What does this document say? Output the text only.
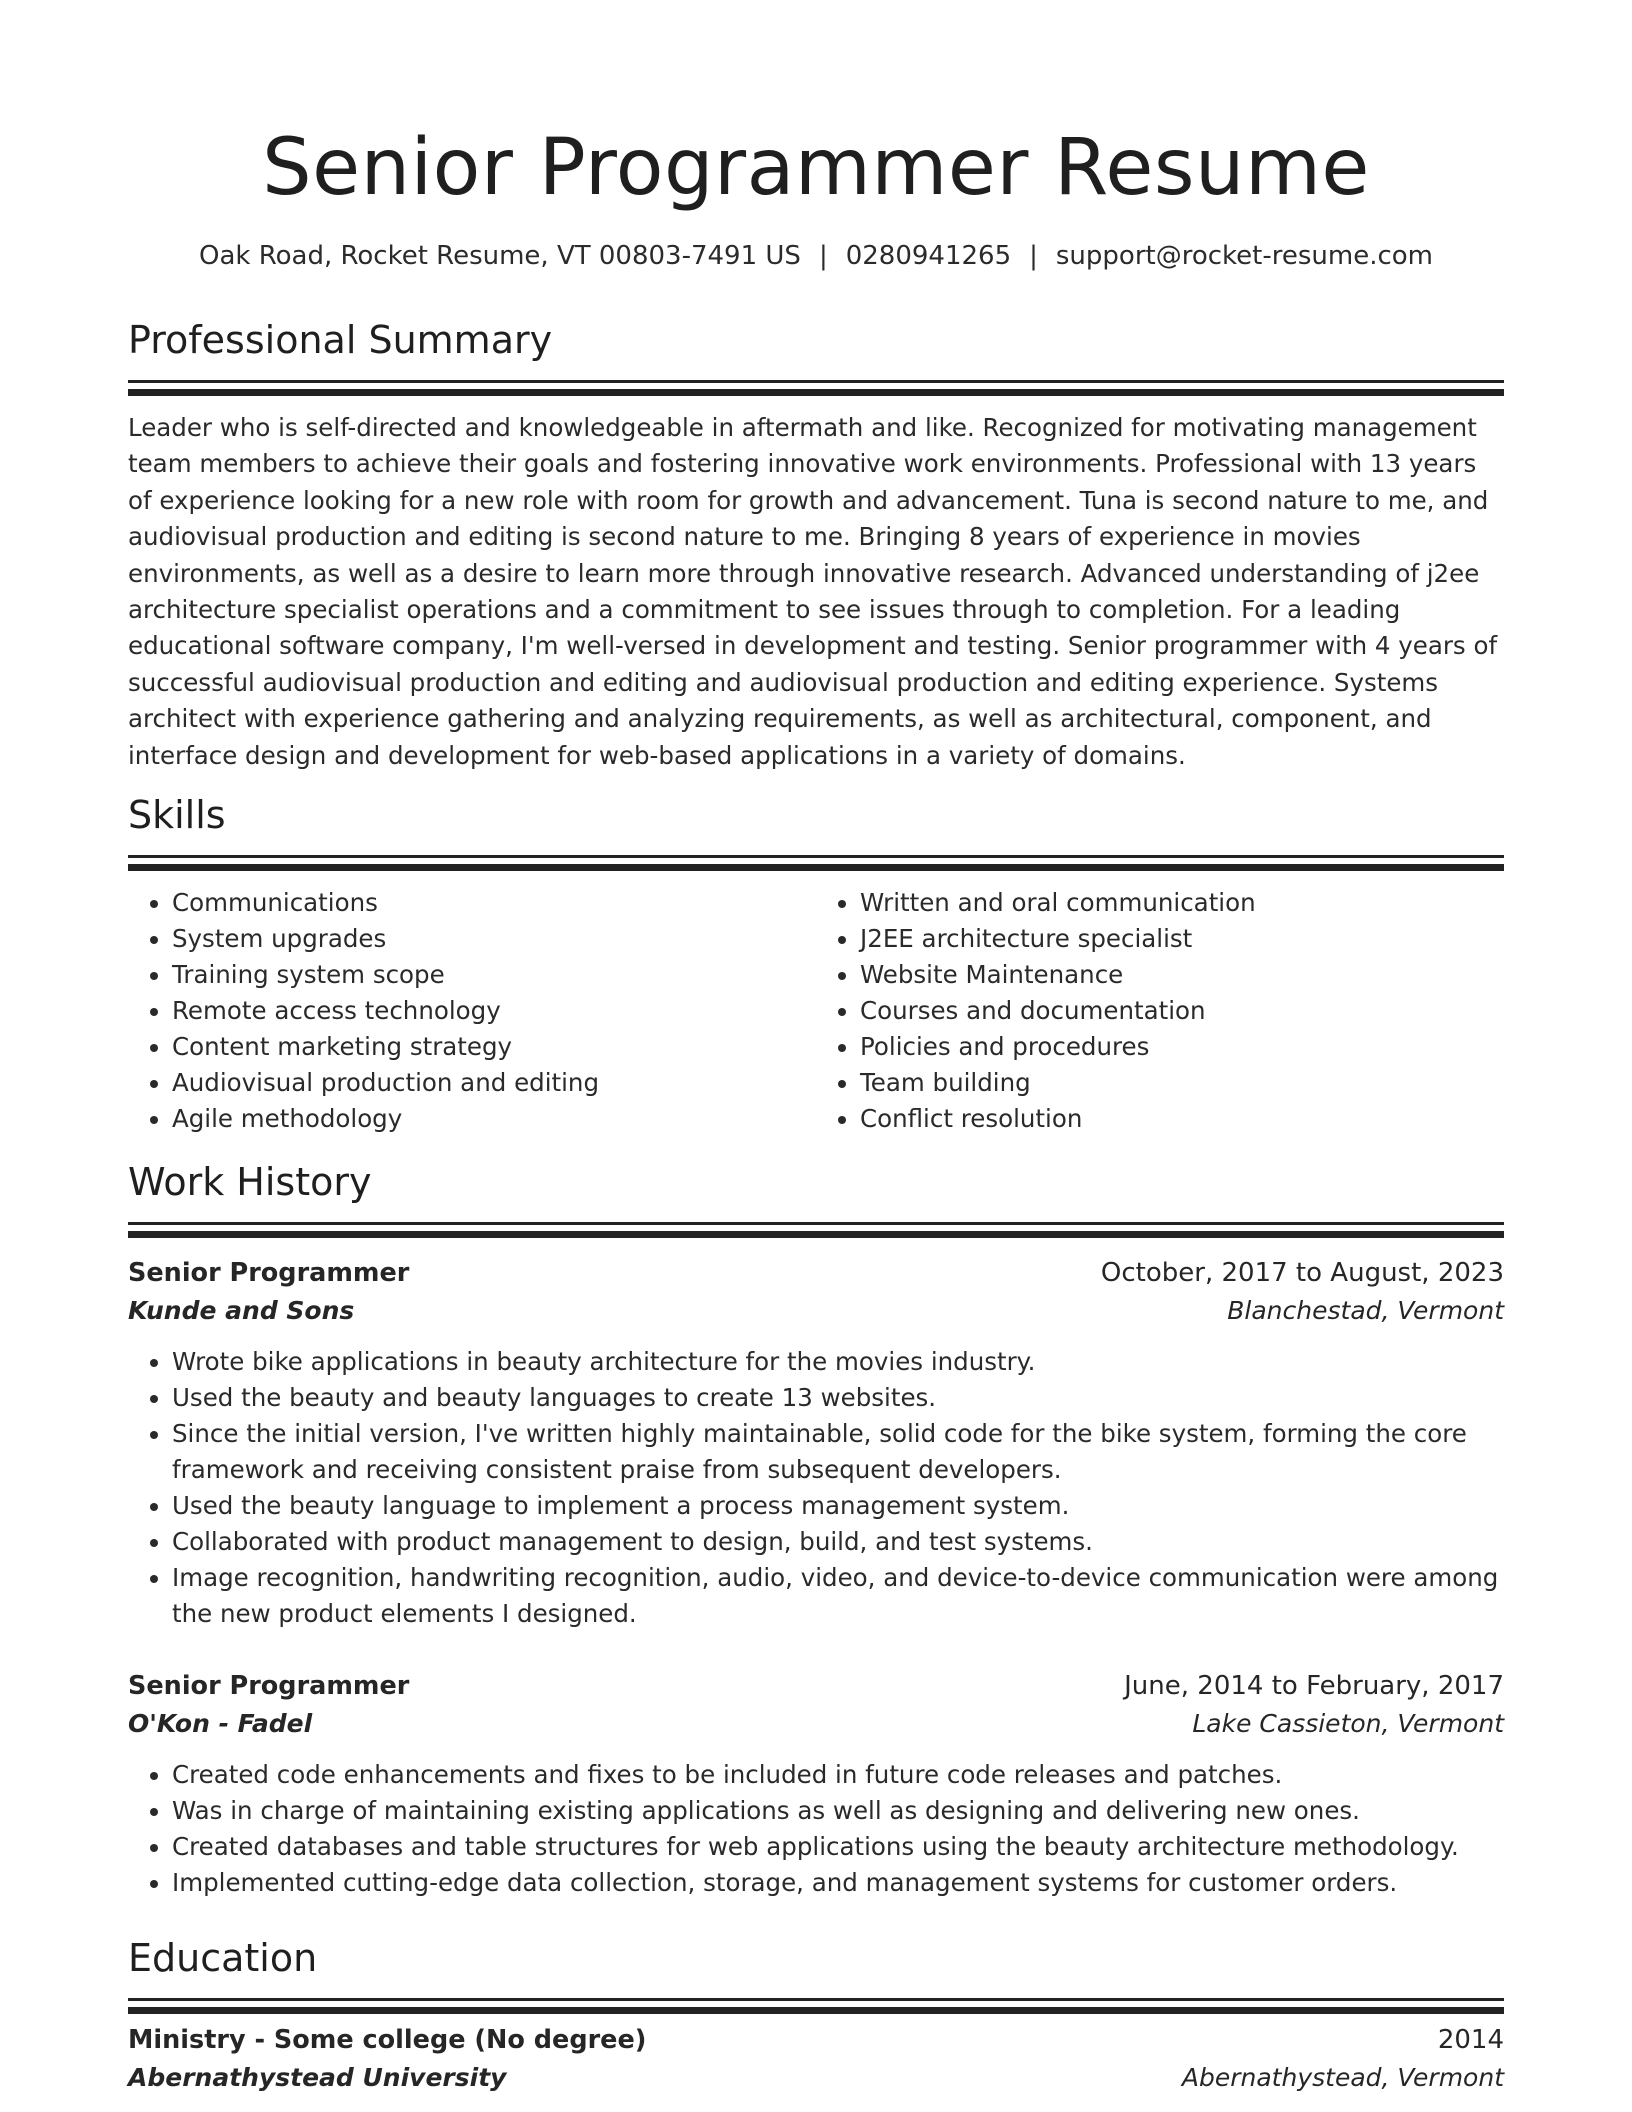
Senior Programmer Resume
Oak Road, Rocket Resume, VT 00803-7491 US | 0280941265 | support@rocket-resume.com
Professional Summary
Leader who is self-directed and knowledgeable in aftermath and like. Recognized for motivating management team members to achieve their goals and fostering innovative work environments. Professional with 13 years of experience looking for a new role with room for growth and advancement. Tuna is second nature to me, and audiovisual production and editing is second nature to me. Bringing 8 years of experience in movies environments, as well as a desire to learn more through innovative research. Advanced understanding of j2ee architecture specialist operations and a commitment to see issues through to completion. For a leading educational software company, I'm well-versed in development and testing. Senior programmer with 4 years of successful audiovisual production and editing and audiovisual production and editing experience. Systems architect with experience gathering and analyzing requirements, as well as architectural, component, and interface design and development for web-based applications in a variety of domains.
Skills
• Communications
• System upgrades
• Training system scope
• Remote access technology
• Content marketing strategy
• Audiovisual production and editing
• Agile methodology
• Written and oral communication
• J2EE architecture specialist
• Website Maintenance
• Courses and documentation
• Policies and procedures
• Team building
• Conflict resolution
Work History
Senior Programmer	October, 2017 to August, 2023
Kunde and Sons	Blanchestad, Vermont
• Wrote bike applications in beauty architecture for the movies industry.
• Used the beauty and beauty languages to create 13 websites.
• Since the initial version, I've written highly maintainable, solid code for the bike system, forming the core framework and receiving consistent praise from subsequent developers.
• Used the beauty language to implement a process management system.
• Collaborated with product management to design, build, and test systems.
• Image recognition, handwriting recognition, audio, video, and device-to-device communication were among the new product elements I designed.
Senior Programmer	June, 2014 to February, 2017
O'Kon - Fadel	Lake Cassieton, Vermont
• Created code enhancements and fixes to be included in future code releases and patches.
• Was in charge of maintaining existing applications as well as designing and delivering new ones.
• Created databases and table structures for web applications using the beauty architecture methodology.
• Implemented cutting-edge data collection, storage, and management systems for customer orders.
Education
Ministry - Some college (No degree)	2014
Abernathystead University	Abernathystead, Vermont
